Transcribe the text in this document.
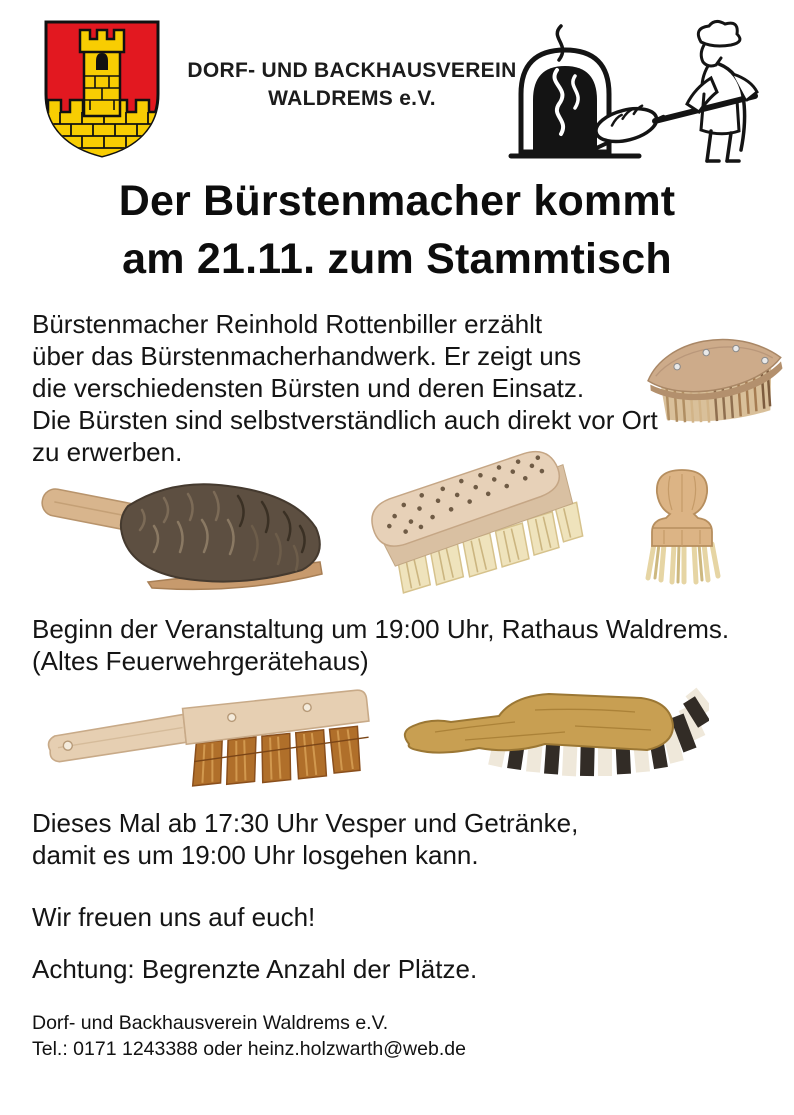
DORF- UND BACKHAUSVEREIN
WALDREMS e.V.
Der Bürstenmacher kommt
am 21.11. zum Stammtisch
Bürstenmacher Reinhold Rottenbiller erzählt
über das Bürstenmacherhandwerk. Er zeigt uns
die verschiedensten Bürsten und deren Einsatz.
Die Bürsten sind selbstverständlich auch direkt vor Ort
zu erwerben.
Beginn der Veranstaltung um 19:00 Uhr, Rathaus Waldrems.
(Altes Feuerwehrgerätehaus)
Dieses Mal ab 17:30 Uhr Vesper und Getränke,
damit es um 19:00 Uhr losgehen kann.
Wir freuen uns auf euch!
Achtung: Begrenzte Anzahl der Plätze.
Dorf- und Backhausverein Waldrems e.V.
Tel.: 0171 1243388 oder heinz.holzwarth@web.de
